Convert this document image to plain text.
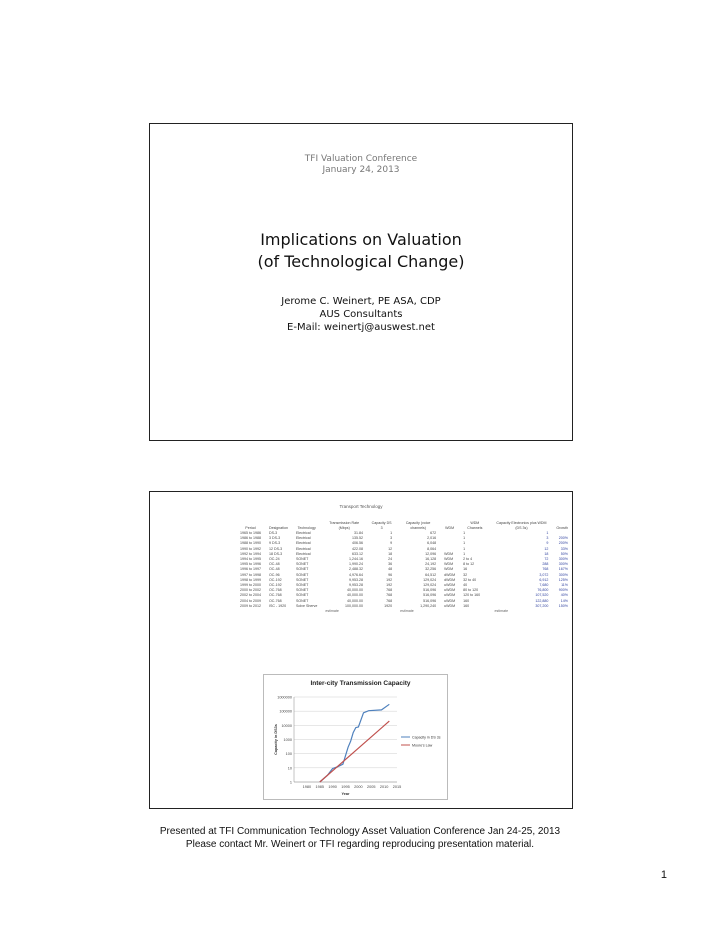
TFI Valuation Conference
January 24, 2013
Implications on Valuation
(of Technological Change)
Jerome C. Weinert, PE ASA, CDP
AUS Consultants
E-Mail: weinertj@auswest.net
Transport Technology
Period	Designation	Technology	Transmission Rate (Mbps)	Capacity DS 3	Capacity (voice channels)	WDM	WDM Channels	Capacity Electronics plus WDM (DS 3s)	Growth
1965 to 1986	DS-3	Electrical	31.84	1	672		1	1	
1986 to 1988	3 DS-3	Electrical	135.52	3	2,016		1	3	200%
1988 to 1990	9 DS-3	Electrical	406.56	9	6,048		1	9	200%
1990 to 1992	12 DS-3	Electrical	422.08	12	8,064		1	12	33%
1992 to 1994	18 DS-3	Electrical	633.12	18	12,096	WDM	1	18	50%
1994 to 1995	OC-24	SONET	1,244.16	24	16,128	WDM	2 to 4	72	300%
1995 to 1996	OC-48	SONET	1,990.24	36	24,192	WDM	8 to 12	288	300%
1996 to 1997	OC-48	SONET	2,488.32	48	32,256	WDM	16	768	167%
1997 to 1998	OC-96	SONET	4,976.64	96	64,512	dWDM	32	3,072	300%
1998 to 1999	OC-192	SONET	9,953.28	192	129,024	dWDM	32 to 40	6,912	125%
1999 to 2000	OC-192	SONET	9,953.28	192	129,024	uWDM	40	7,680	11%
2000 to 2002	OC-768	SONET	40,000.00	768	516,096	uWDM	80 to 120	76,800	900%
2002 to 2004	OC-768	SONET	40,000.00	768	516,096	uWDM	120 to 160	107,520	40%
2004 to 2009	OC-768	SONET	40,000.00	768	516,096	uWDM	160	122,880	14%
2009 to 2012	ISC - 1920	Solve Sherve	100,000.00	1920	1,290,240	uWDM	160	307,200	150%
			estimate		estimate			estimate	
Inter-city Transmission Capacity
1
10
100
1000
10000
100000
1000000
1980 1985 1990 1995 2000 2005 2010 2015
Year
Capacity in DS3s	Capacity in DS 3s
Moore's Law
Presented at TFI Communication Technology Asset Valuation Conference Jan 24-25, 2013
Please contact Mr. Weinert or TFI regarding reproducing presentation material.
1
